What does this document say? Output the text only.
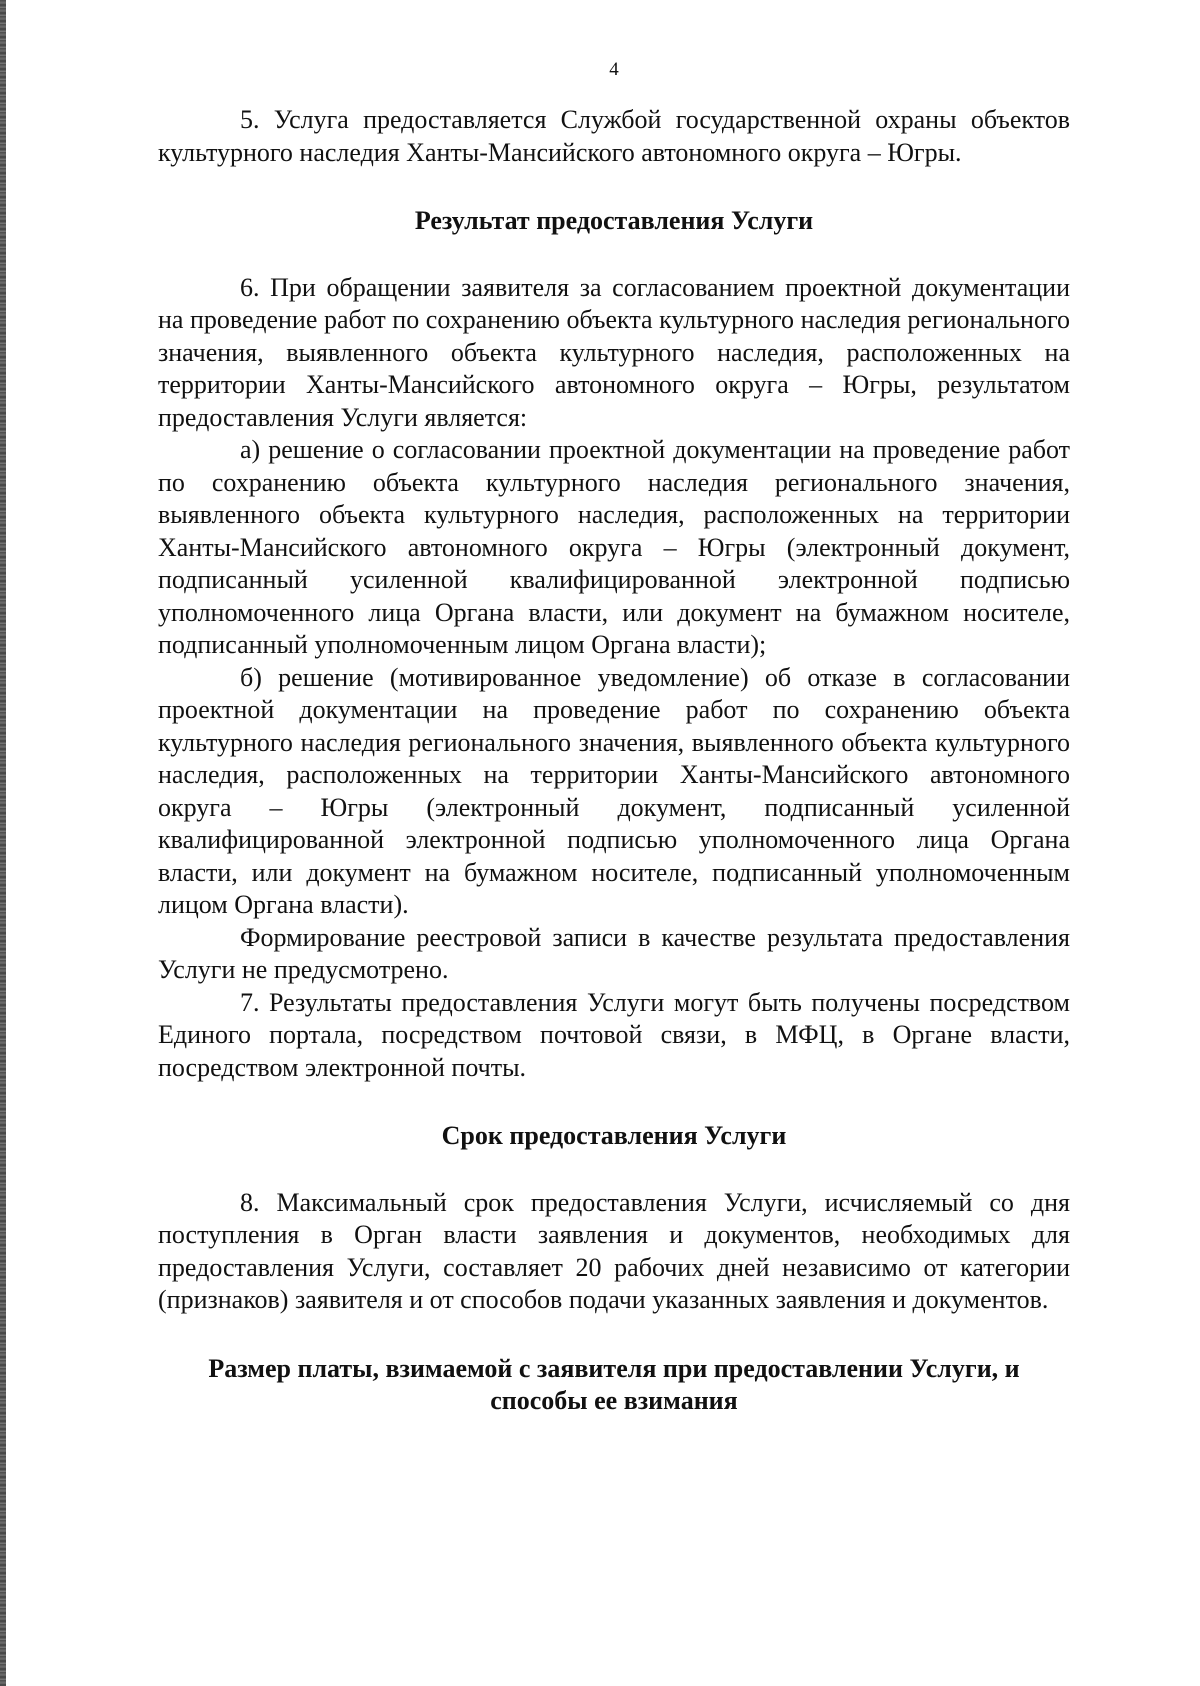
4

5. Услуга предоставляется Службой государственной охраны объектов культурного наследия Ханты-Мансийского автономного округа – Югры.

Результат предоставления Услуги

6. При обращении заявителя за согласованием проектной документации на проведение работ по сохранению объекта культурного наследия регионального значения, выявленного объекта культурного наследия, расположенных на территории Ханты-Мансийского автономного округа – Югры, результатом предоставления Услуги является:

а) решение о согласовании проектной документации на проведение работ по сохранению объекта культурного наследия регионального значения, выявленного объекта культурного наследия, расположенных на территории Ханты-Мансийского автономного округа – Югры (электронный документ, подписанный усиленной квалифицированной электронной подписью уполномоченного лица Органа власти, или документ на бумажном носителе, подписанный уполномоченным лицом Органа власти);

б) решение (мотивированное уведомление) об отказе в согласовании проектной документации на проведение работ по сохранению объекта культурного наследия регионального значения, выявленного объекта культурного наследия, расположенных на территории Ханты-Мансийского автономного округа – Югры (электронный документ, подписанный усиленной квалифицированной электронной подписью уполномоченного лица Органа власти, или документ на бумажном носителе, подписанный уполномоченным лицом Органа власти).

Формирование реестровой записи в качестве результата предоставления Услуги не предусмотрено.

7. Результаты предоставления Услуги могут быть получены посредством Единого портала, посредством почтовой связи, в МФЦ, в Органе власти, посредством электронной почты.

Срок предоставления Услуги

8. Максимальный срок предоставления Услуги, исчисляемый со дня поступления в Орган власти заявления и документов, необходимых для предоставления Услуги, составляет 20 рабочих дней независимо от категории (признаков) заявителя и от способов подачи указанных заявления и документов.

Размер платы, взимаемой с заявителя при предоставлении Услуги, и способы ее взимания
